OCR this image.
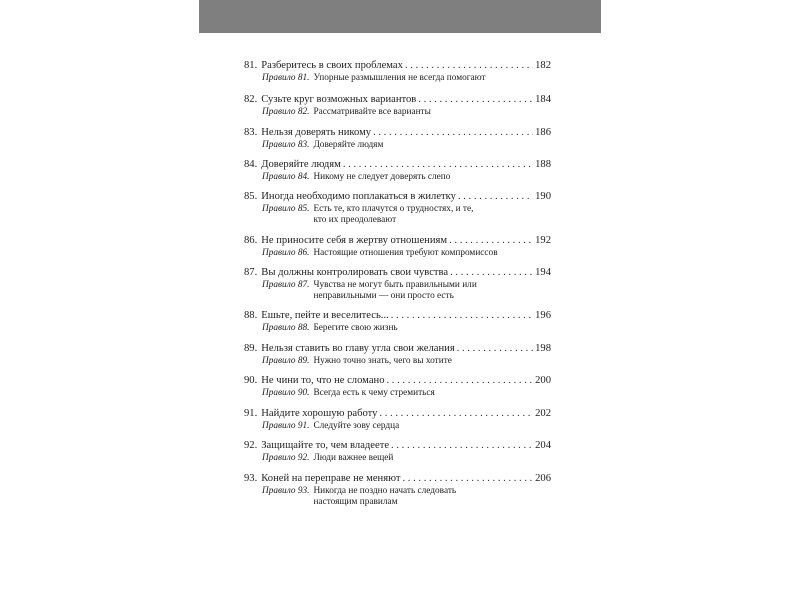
81. Разберитесь в своих проблемах . . .	182
Правило 81. Упорные размышления не всегда помогают
82. Сузьте круг возможных вариантов . . .	184
Правило 82. Рассматривайте все варианты
83. Нельзя доверять никому . . .	186
Правило 83. Доверяйте людям
84. Доверяйте людям . . .	188
Правило 84. Никому не следует доверять слепо
85. Иногда необходимо поплакаться в жилетку . . .	190
Правило 85. Есть те, кто плачутся о трудностях, и те, кто их преодолевают
86. Не приносите себя в жертву отношениям . . .	192
Правило 86. Настоящие отношения требуют компромиссов
87. Вы должны контролировать свои чувства . . .	194
Правило 87. Чувства не могут быть правильными или неправильными — они просто есть
88. Ешьте, пейте и веселитесь... . . .	196
Правило 88. Берегите свою жизнь
89. Нельзя ставить во главу угла свои желания . . .	198
Правило 89. Нужно точно знать, чего вы хотите
90. Не чини то, что не сломано . . .	200
Правило 90. Всегда есть к чему стремиться
91. Найдите хорошую работу . . .	202
Правило 91. Следуйте зову сердца
92. Защищайте то, чем владеете . . .	204
Правило 92. Люди важнее вещей
93. Коней на переправе не меняют . . .	206
Правило 93. Никогда не поздно начать следовать настоящим правилам
